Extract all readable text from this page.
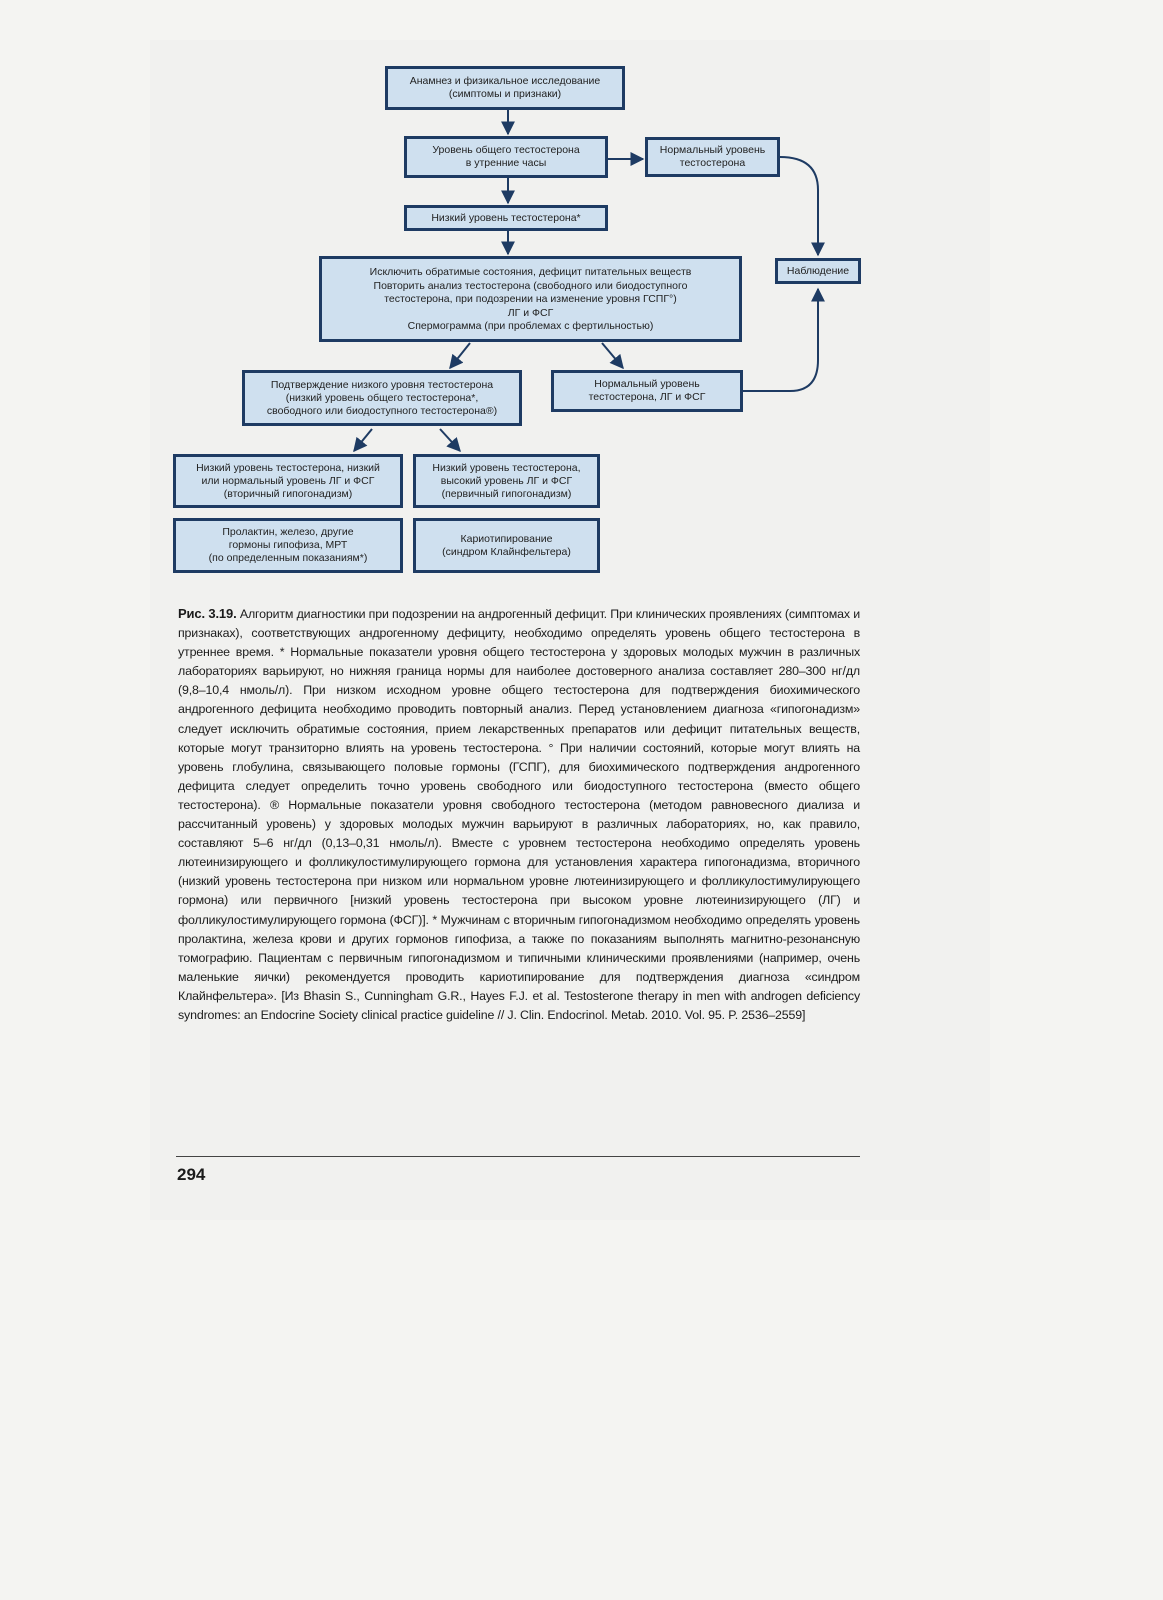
Анамнез и физикальное исследование
(симптомы и признаки)
Уровень общего тестостерона
в утренние часы
Нормальный уровень
тестостерона
Низкий уровень тестостерона*
Исключить обратимые состояния, дефицит питательных веществ
Повторить анализ тестостерона (свободного или биодоступного
тестостерона, при подозрении на изменение уровня ГСПГ°)
ЛГ и ФСГ
Спермограмма (при проблемах с фертильностью)
Наблюдение
Подтверждение низкого уровня тестостерона
(низкий уровень общего тестостерона*,
свободного или биодоступного тестостерона®)
Нормальный уровень
тестостерона, ЛГ и ФСГ
Низкий уровень тестостерона, низкий
или нормальный уровень ЛГ и ФСГ
(вторичный гипогонадизм)
Низкий уровень тестостерона,
высокий уровень ЛГ и ФСГ
(первичный гипогонадизм)
Пролактин, железо, другие
гормоны гипофиза, МРТ
(по определенным показаниям*)
Кариотипирование
(синдром Клайнфельтера)
Рис. 3.19. Алгоритм диагностики при подозрении на андрогенный дефицит. При клинических проявлениях (симптомах и признаках), соответствующих андрогенному дефициту, необходимо определять уровень общего тестостерона в утреннее время. * Нормальные показатели уровня общего тестостерона у здоровых молодых мужчин в различных лабораториях варьируют, но нижняя граница нормы для наиболее достоверного анализа составляет 280–300 нг/дл (9,8–10,4 нмоль/л). При низком исходном уровне общего тестостерона для подтверждения биохимического андрогенного дефицита необходимо проводить повторный анализ. Перед установлением диагноза «гипогонадизм» следует исключить обратимые состояния, прием лекарственных препаратов или дефицит питательных веществ, которые могут транзиторно влиять на уровень тестостерона. ° При наличии состояний, которые могут влиять на уровень глобулина, связывающего половые гормоны (ГСПГ), для биохимического подтверждения андрогенного дефицита следует определить точно уровень свободного или биодоступного тестостерона (вместо общего тестостерона). ® Нормальные показатели уровня свободного тестостерона (методом равновесного диализа и рассчитанный уровень) у здоровых молодых мужчин варьируют в различных лабораториях, но, как правило, составляют 5–6 нг/дл (0,13–0,31 нмоль/л). Вместе с уровнем тестостерона необходимо определять уровень лютеинизирующего и фолликулостимулирующего гормона для установления характера гипогонадизма, вторичного (низкий уровень тестостерона при низком или нормальном уровне лютеинизирующего и фолликулостимулирующего гормона) или первичного [низкий уровень тестостерона при высоком уровне лютеинизирующего (ЛГ) и фолликулостимулирующего гормона (ФСГ)]. * Мужчинам с вторичным гипогонадизмом необходимо определять уровень пролактина, железа крови и других гормонов гипофиза, а также по показаниям выполнять магнитно-резонансную томографию. Пациентам с первичным гипогонадизмом и типичными клиническими проявлениями (например, очень маленькие яички) рекомендуется проводить кариотипирование для подтверждения диагноза «синдром Клайнфельтера». [Из Bhasin S., Cunningham G.R., Hayes F.J. et al. Testosterone therapy in men with androgen deficiency syndromes: an Endocrine Society clinical practice guideline // J. Clin. Endocrinol. Metab. 2010. Vol. 95. P. 2536–2559]
294
